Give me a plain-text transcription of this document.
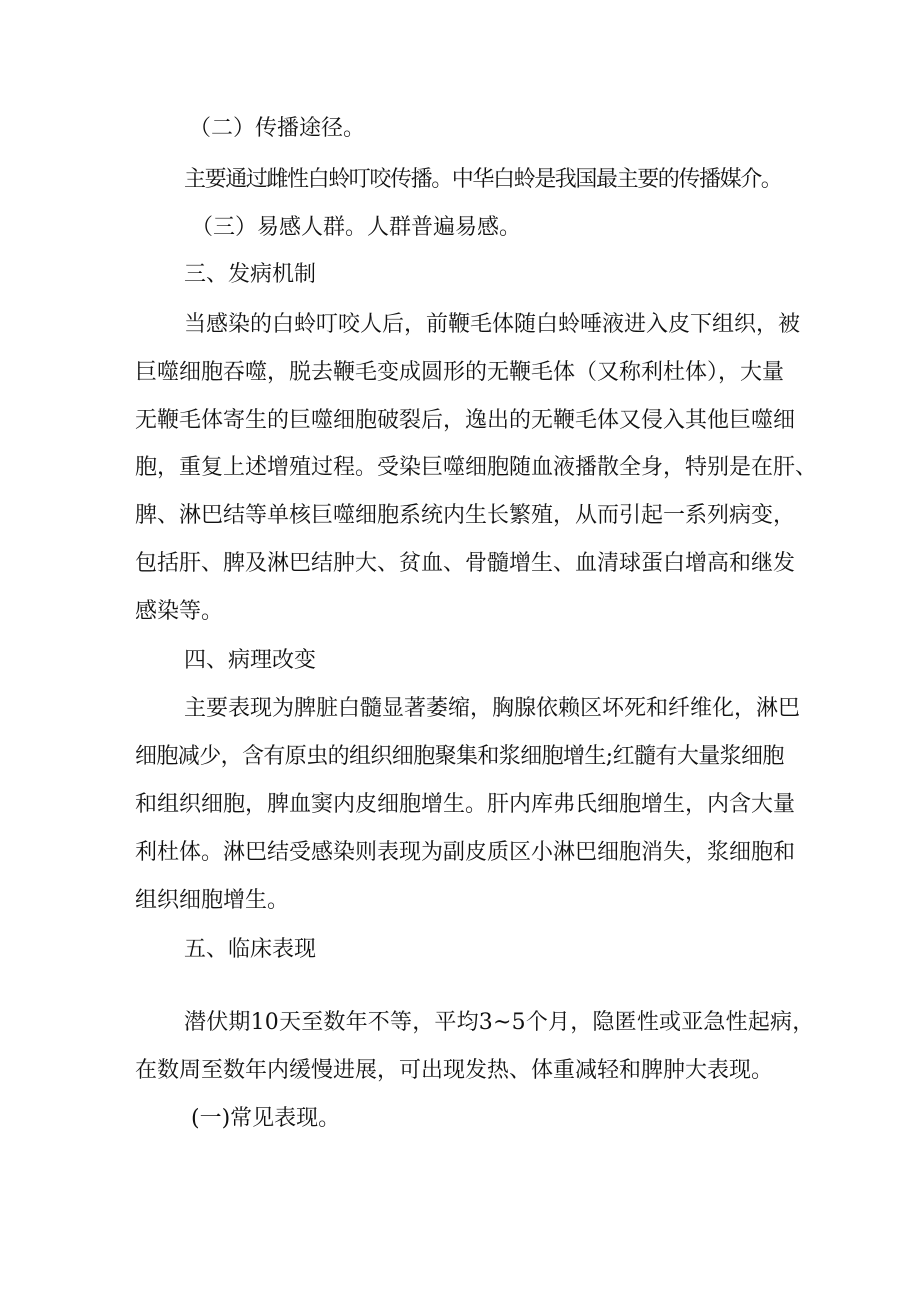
（二）传播途径。
主要通过雌性白蛉叮咬传播。中华白蛉是我国最主要的传播媒介。
（三）易感人群。人群普遍易感。
三、发病机制
当感染的白蛉叮咬人后，前鞭毛体随白蛉唾液进入皮下组织，被
巨噬细胞吞噬，脱去鞭毛变成圆形的无鞭毛体（又称利杜体），大量
无鞭毛体寄生的巨噬细胞破裂后，逸出的无鞭毛体又侵入其他巨噬细
胞，重复上述增殖过程。受染巨噬细胞随血液播散全身，特别是在肝、
脾、淋巴结等单核巨噬细胞系统内生长繁殖，从而引起一系列病变，
包括肝、脾及淋巴结肿大、贫血、骨髓增生、血清球蛋白增高和继发
感染等。
四、病理改变
主要表现为脾脏白髓显著萎缩，胸腺依赖区坏死和纤维化，淋巴
细胞减少，含有原虫的组织细胞聚集和浆细胞增生;红髓有大量浆细胞
和组织细胞，脾血窦内皮细胞增生。肝内库弗氏细胞增生，内含大量
利杜体。淋巴结受感染则表现为副皮质区小淋巴细胞消失，浆细胞和
组织细胞增生。
五、临床表现
潜伏期10天至数年不等，平均3~5个月，隐匿性或亚急性起病，
在数周至数年内缓慢进展，可出现发热、体重减轻和脾肿大表现。
(一)常见表现。
